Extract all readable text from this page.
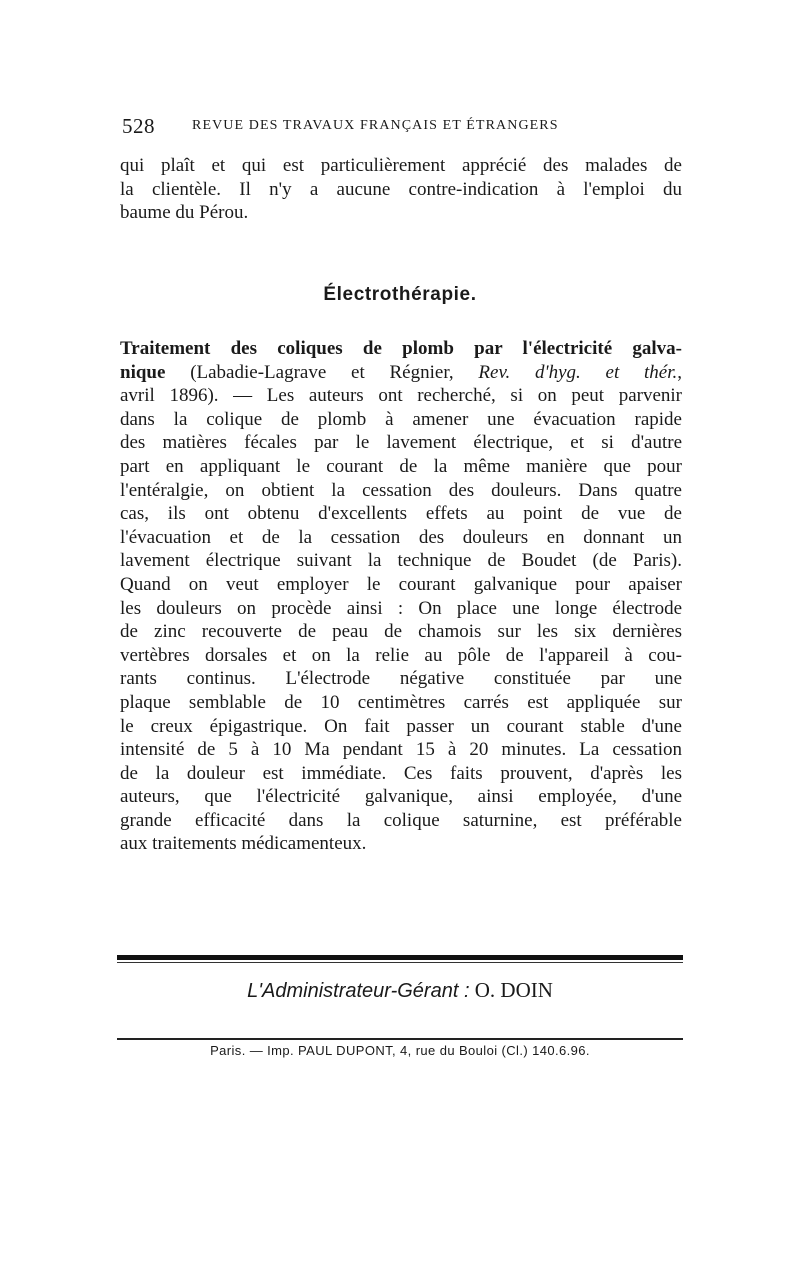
528	REVUE DES TRAVAUX FRANÇAIS ET ÉTRANGERS
qui plaît et qui est particulièrement apprécié des malades de
la clientèle. Il n'y a aucune contre-indication à l'emploi du
baume du Pérou.
Électrothérapie.
Traitement des coliques de plomb par l'électricité galva-
nique (Labadie-Lagrave et Régnier, Rev. d'hyg. et thér.,
avril 1896). — Les auteurs ont recherché, si on peut parvenir
dans la colique de plomb à amener une évacuation rapide
des matières fécales par le lavement électrique, et si d'autre
part en appliquant le courant de la même manière que pour
l'entéralgie, on obtient la cessation des douleurs. Dans quatre
cas, ils ont obtenu d'excellents effets au point de vue de
l'évacuation et de la cessation des douleurs en donnant un
lavement électrique suivant la technique de Boudet (de Paris).
Quand on veut employer le courant galvanique pour apaiser
les douleurs on procède ainsi : On place une longe électrode
de zinc recouverte de peau de chamois sur les six dernières
vertèbres dorsales et on la relie au pôle de l'appareil à cou-
rants continus. L'électrode négative constituée par une
plaque semblable de 10 centimètres carrés est appliquée sur
le creux épigastrique. On fait passer un courant stable d'une
intensité de 5 à 10 Ma pendant 15 à 20 minutes. La cessation
de la douleur est immédiate. Ces faits prouvent, d'après les
auteurs, que l'électricité galvanique, ainsi employée, d'une
grande efficacité dans la colique saturnine, est préférable
aux traitements médicamenteux.
L'Administrateur-Gérant : O. DOIN
Paris. — Imp. PAUL DUPONT, 4, rue du Bouloi (Cl.) 140.6.96.
